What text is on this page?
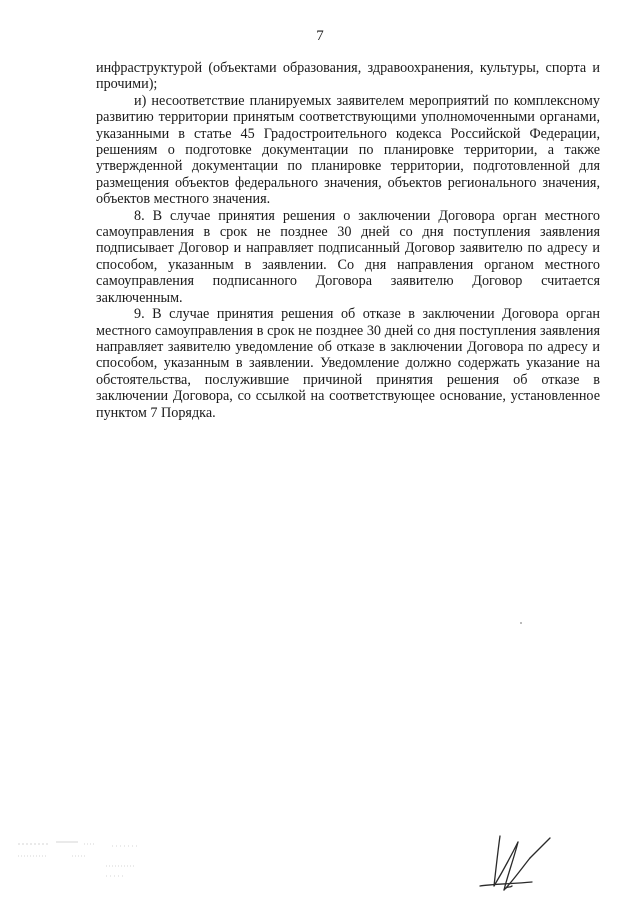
7

инфраструктурой (объектами образования, здравоохранения, культуры, спорта и прочими);

и) несоответствие планируемых заявителем мероприятий по комплексному развитию территории принятым соответствующими уполномоченными органами, указанными в статье 45 Градостроительного кодекса Российской Федерации, решениям о подготовке документации по планировке территории, а также утвержденной документации по планировке территории, подготовленной для размещения объектов федерального значения, объектов регионального значения, объектов местного значения.

8. В случае принятия решения о заключении Договора орган местного самоуправления в срок не позднее 30 дней со дня поступления заявления подписывает Договор и направляет подписанный Договор заявителю по адресу и способом, указанным в заявлении. Со дня направления органом местного самоуправления подписанного Договора заявителю Договор считается заключенным.

9. В случае принятия решения об отказе в заключении Договора орган местного самоуправления в срок не позднее 30 дней со дня поступления заявления направляет заявителю уведомление об отказе в заключении Договора по адресу и способом, указанным в заявлении. Уведомление должно содержать указание на обстоятельства, послужившие причиной принятия решения об отказе в заключении Договора, со ссылкой на соответствующее основание, установленное пунктом 7 Порядка.
